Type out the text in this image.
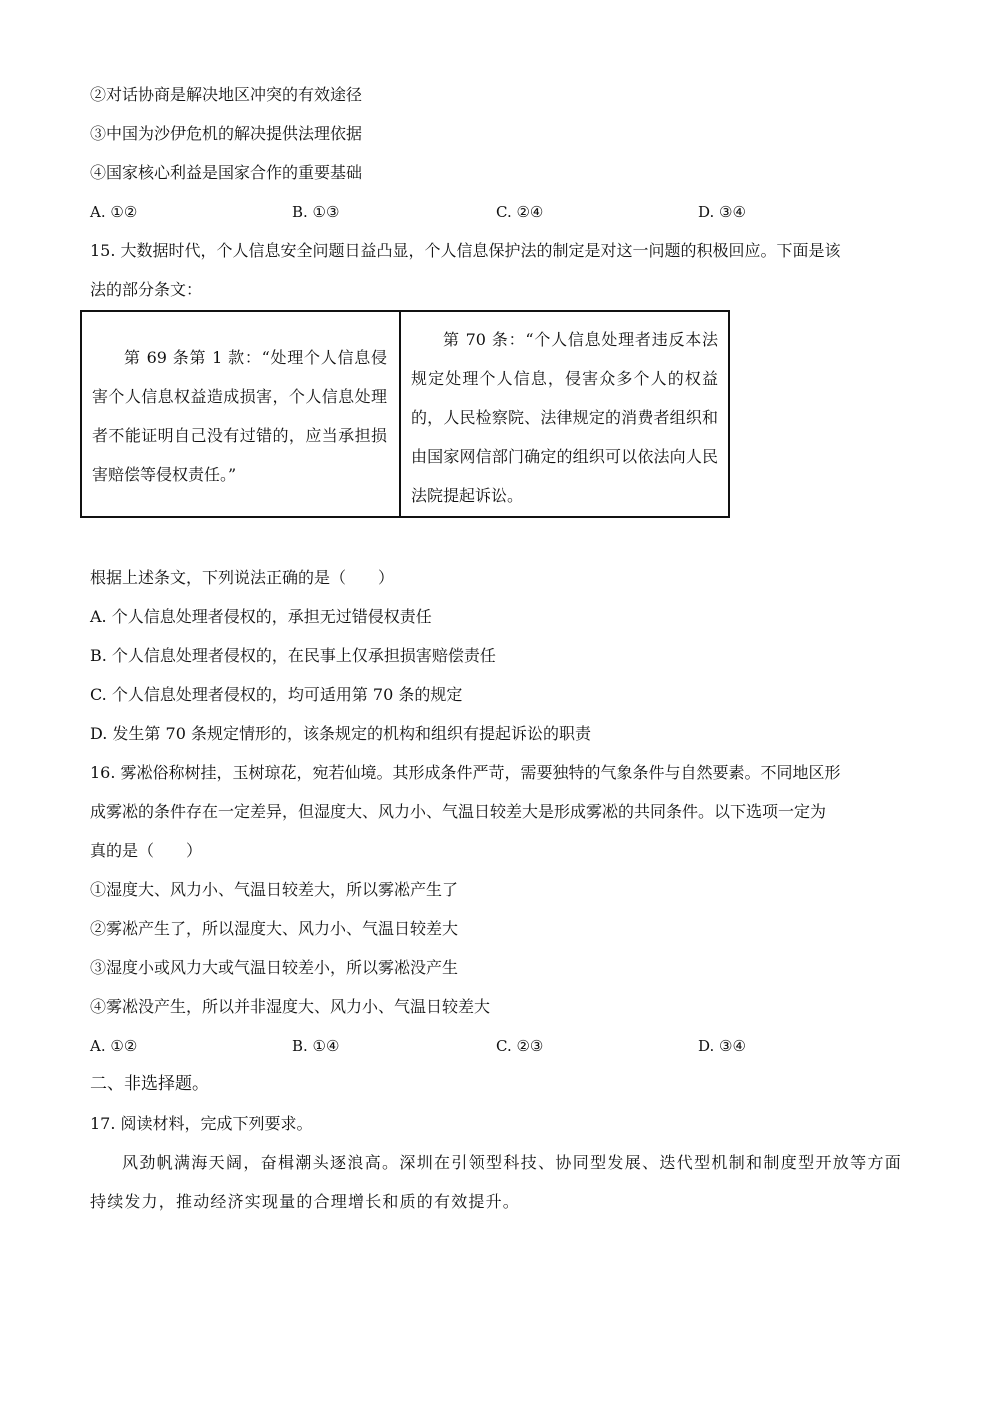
②对话协商是解决地区冲突的有效途径
③中国为沙伊危机的解决提供法理依据
④国家核心利益是国家合作的重要基础
A. ①②	B. ①③	C. ②④	D. ③④
15. 大数据时代，个人信息安全问题日益凸显，个人信息保护法的制定是对这一问题的积极回应。下面是该
法的部分条文：
第 69 条第 1 款：“处理个人信息侵害个人信息权益造成损害，个人信息处理者不能证明自己没有过错的，应当承担损害赔偿等侵权责任。”
第 70 条：“个人信息处理者违反本法规定处理个人信息，侵害众多个人的权益的，人民检察院、法律规定的消费者组织和由国家网信部门确定的组织可以依法向人民法院提起诉讼。
根据上述条文，下列说法正确的是（　　）
A. 个人信息处理者侵权的，承担无过错侵权责任
B. 个人信息处理者侵权的，在民事上仅承担损害赔偿责任
C. 个人信息处理者侵权的，均可适用第 70 条的规定
D. 发生第 70 条规定情形的，该条规定的机构和组织有提起诉讼的职责
16. 雾凇俗称树挂，玉树琼花，宛若仙境。其形成条件严苛，需要独特的气象条件与自然要素。不同地区形
成雾凇的条件存在一定差异，但湿度大、风力小、气温日较差大是形成雾凇的共同条件。以下选项一定为
真的是（　　）
①湿度大、风力小、气温日较差大，所以雾凇产生了
②雾凇产生了，所以湿度大、风力小、气温日较差大
③湿度小或风力大或气温日较差小，所以雾凇没产生
④雾凇没产生，所以并非湿度大、风力小、气温日较差大
A. ①②	B. ①④	C. ②③	D. ③④
二、非选择题。
17. 阅读材料，完成下列要求。
风劲帆满海天阔，奋楫潮头逐浪高。深圳在引领型科技、协同型发展、迭代型机制和制度型开放等方面持续发力，推动经济实现量的合理增长和质的有效提升。
